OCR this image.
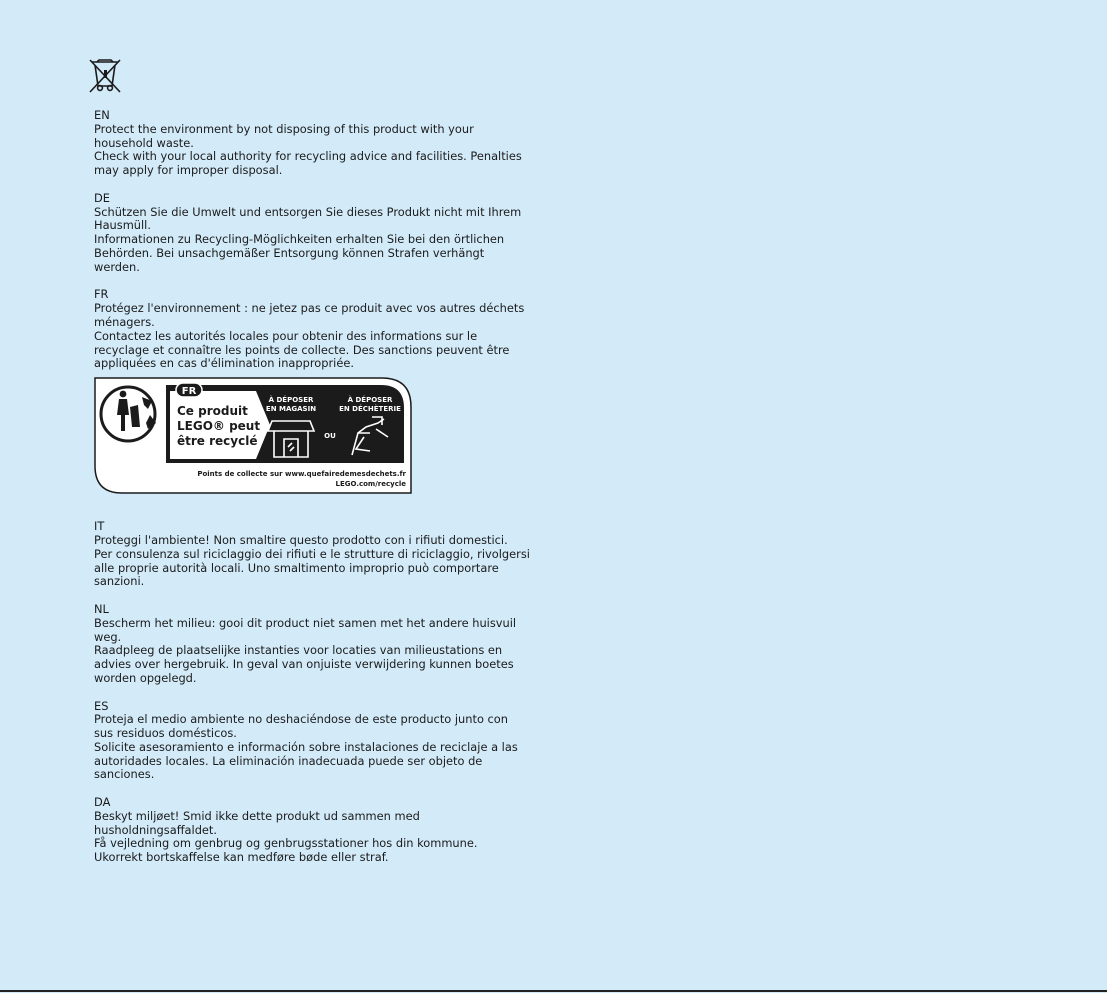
EN

Protect the environment by not disposing of this product with your
household waste.

Check with your local authority for recycling advice and facilities. Penalties
may apply for improper disposal.

DE

Schützen Sie die Umwelt und entsorgen Sie dieses Produkt nicht mit Ihrem
Hausmüll.

Informationen zu Recycling-Möglichkeiten erhalten Sie bei den örtlichen
Behörden. Bei unsachgemäßer Entsorgung können Strafen verhängt
werden.

FR

Protégez l'environnement : ne jetez pas ce produit avec vos autres déchets
ménagers.

Contactez les autorités locales pour obtenir des informations sur le
recyclage et connaître les points de collecte. Des sanctions peuvent être
appliquées en cas d'élimination inappropriée.

FR
Ce produit
LEGO® peut
être recyclé
À DÉPOSER
EN MAGASIN
OU
À DÉPOSER
EN DÉCHÈTERIE
Points de collecte sur www.quefairedemesdechets.fr
LEGO.com/recycle
IT

Proteggi l'ambiente! Non smaltire questo prodotto con i rifiuti domestici.

Per consulenza sul riciclaggio dei rifiuti e le strutture di riciclaggio, rivolgersi
alle proprie autorità locali. Uno smaltimento improprio può comportare
sanzioni.

NL

Bescherm het milieu: gooi dit product niet samen met het andere huisvuil
weg.

Raadpleeg de plaatselijke instanties voor locaties van milieustations en
advies over hergebruik. In geval van onjuiste verwijdering kunnen boetes
worden opgelegd.

ES

Proteja el medio ambiente no deshaciéndose de este producto junto con
sus residuos domésticos.

Solicite asesoramiento e información sobre instalaciones de reciclaje a las
autoridades locales. La eliminación inadecuada puede ser objeto de
sanciones.

DA

Beskyt miljøet! Smid ikke dette produkt ud sammen med
husholdningsaffaldet.

Få vejledning om genbrug og genbrugsstationer hos din kommune.
Ukorrekt bortskaffelse kan medføre bøde eller straf.
